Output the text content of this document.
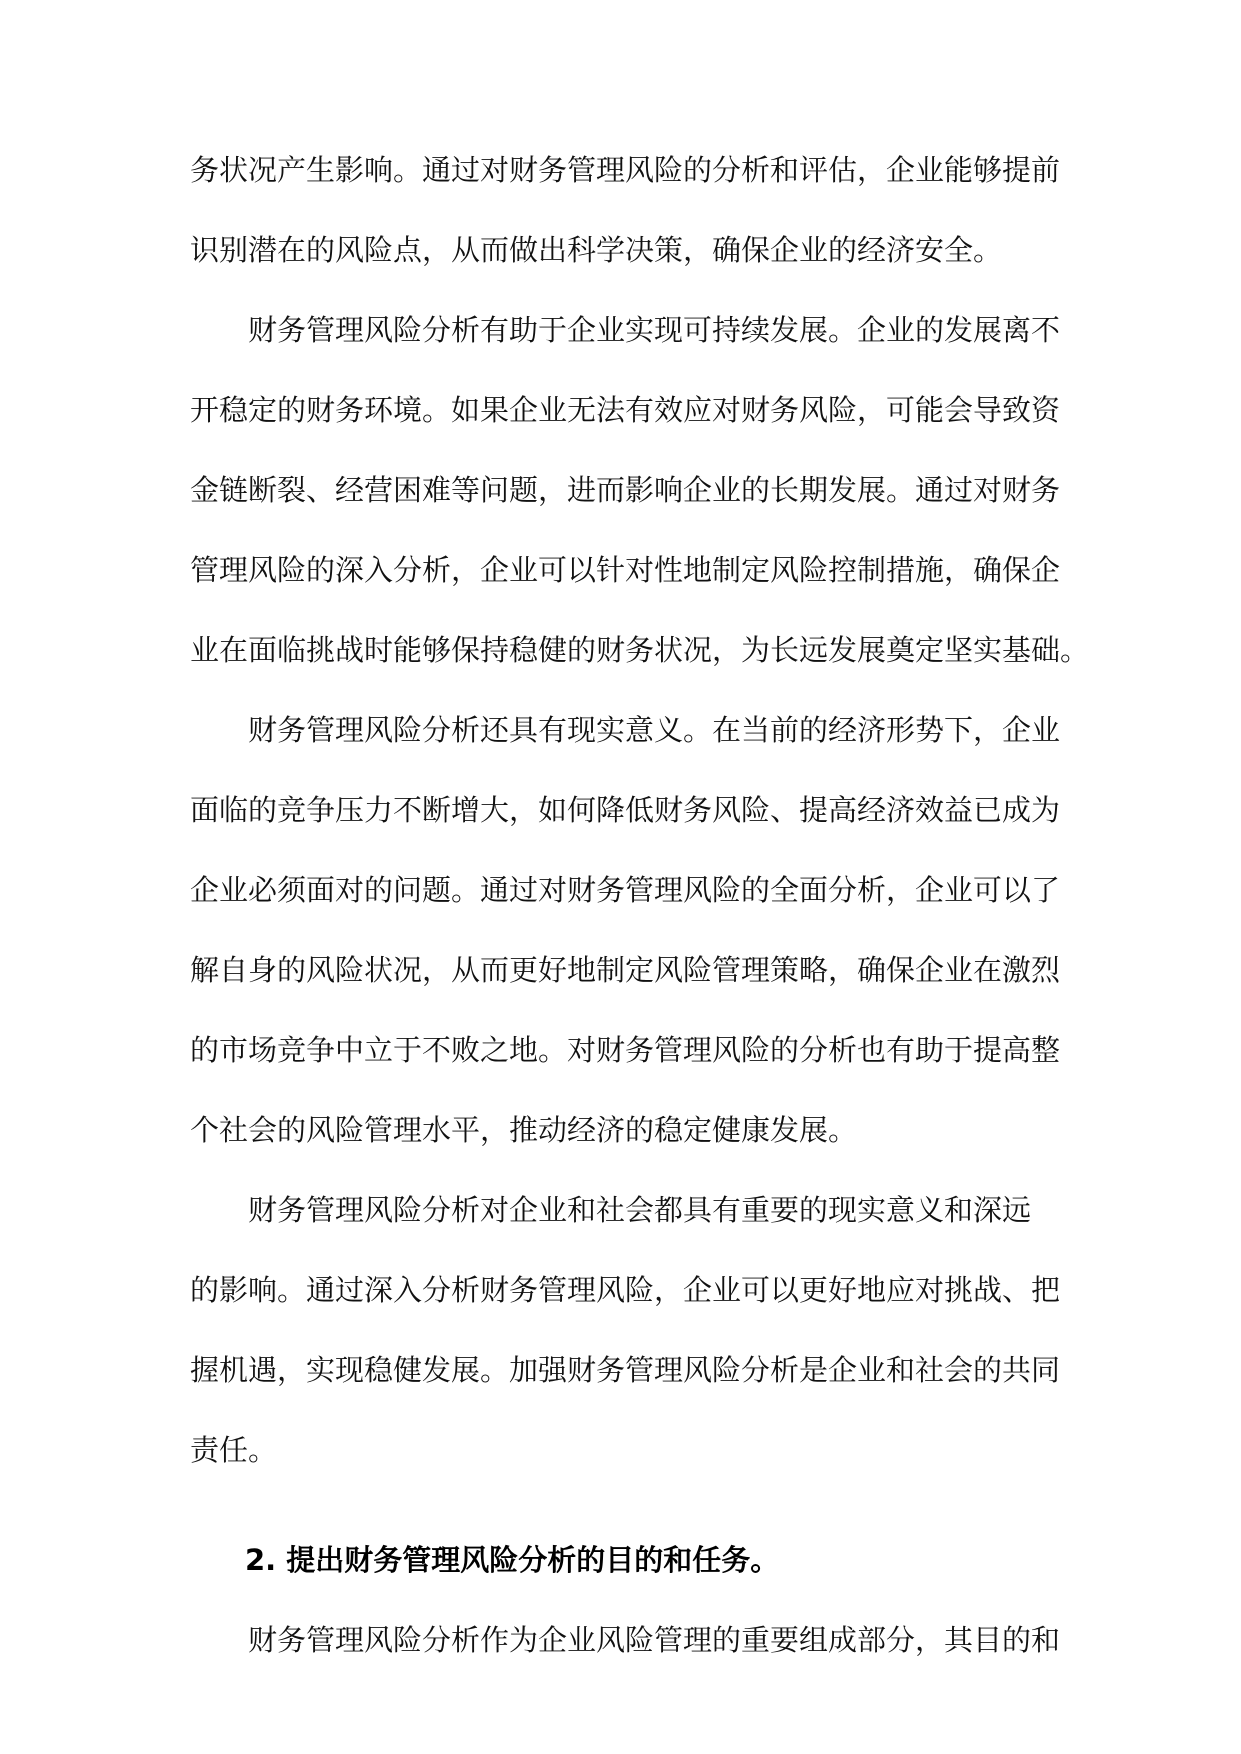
务状况产生影响。通过对财务管理风险的分析和评估，企业能够提前
识别潜在的风险点，从而做出科学决策，确保企业的经济安全。
财务管理风险分析有助于企业实现可持续发展。企业的发展离不
开稳定的财务环境。如果企业无法有效应对财务风险，可能会导致资
金链断裂、经营困难等问题，进而影响企业的长期发展。通过对财务
管理风险的深入分析，企业可以针对性地制定风险控制措施，确保企
业在面临挑战时能够保持稳健的财务状况，为长远发展奠定坚实基础。
财务管理风险分析还具有现实意义。在当前的经济形势下，企业
面临的竞争压力不断增大，如何降低财务风险、提高经济效益已成为
企业必须面对的问题。通过对财务管理风险的全面分析，企业可以了
解自身的风险状况，从而更好地制定风险管理策略，确保企业在激烈
的市场竞争中立于不败之地。对财务管理风险的分析也有助于提高整
个社会的风险管理水平，推动经济的稳定健康发展。
财务管理风险分析对企业和社会都具有重要的现实意义和深远
的影响。通过深入分析财务管理风险，企业可以更好地应对挑战、把
握机遇，实现稳健发展。加强财务管理风险分析是企业和社会的共同
责任。
2. 提出财务管理风险分析的目的和任务。
财务管理风险分析作为企业风险管理的重要组成部分，其目的和
